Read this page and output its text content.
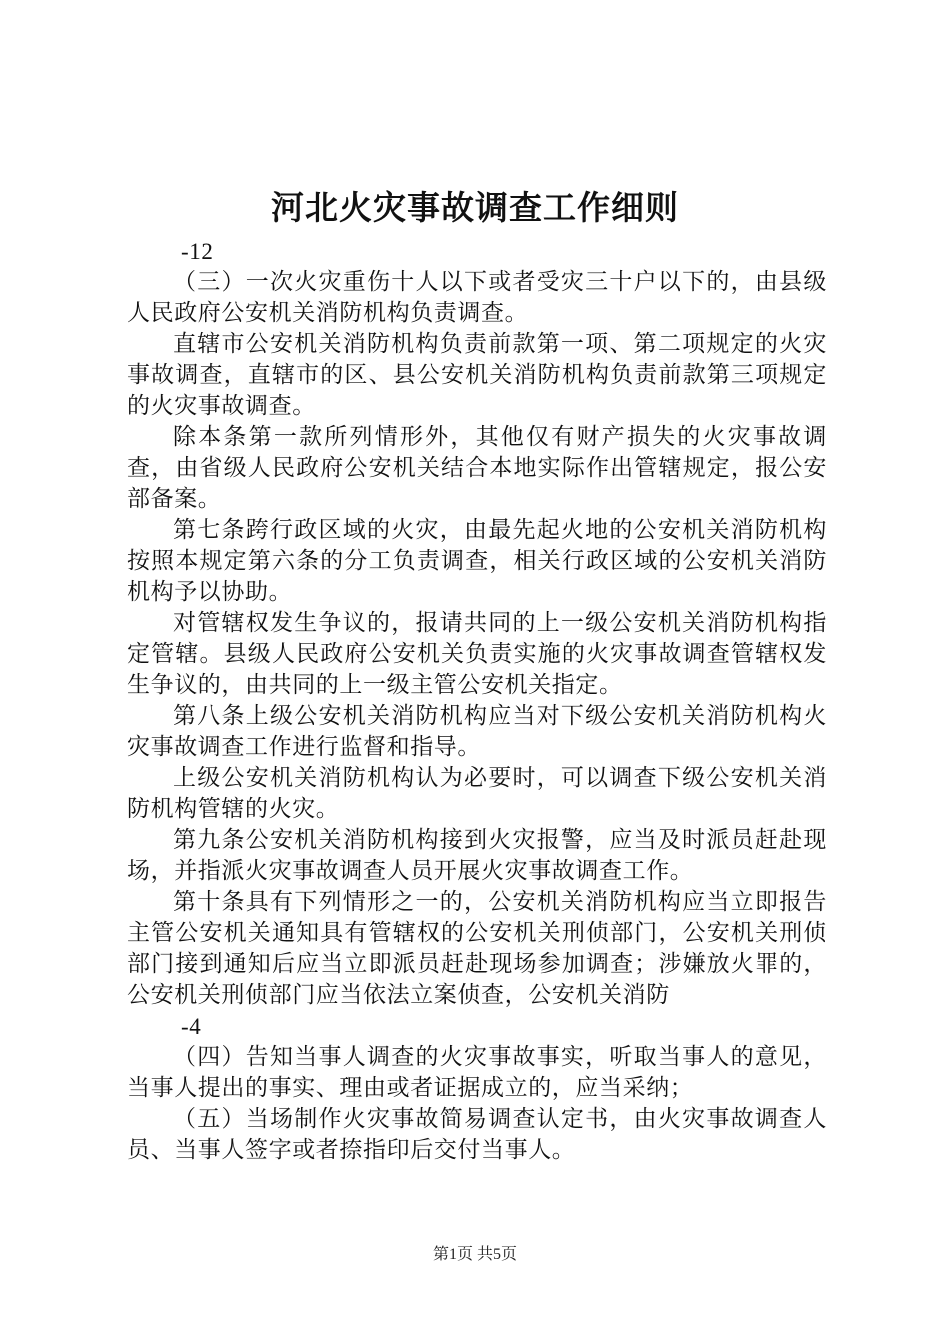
河北火灾事故调查工作细则

-12

（三）一次火灾重伤十人以下或者受灾三十户以下的，由县级人民政府公安机关消防机构负责调查。

直辖市公安机关消防机构负责前款第一项、第二项规定的火灾事故调查，直辖市的区、县公安机关消防机构负责前款第三项规定的火灾事故调查。

除本条第一款所列情形外，其他仅有财产损失的火灾事故调查，由省级人民政府公安机关结合本地实际作出管辖规定，报公安部备案。

第七条跨行政区域的火灾，由最先起火地的公安机关消防机构按照本规定第六条的分工负责调查，相关行政区域的公安机关消防机构予以协助。

对管辖权发生争议的，报请共同的上一级公安机关消防机构指定管辖。县级人民政府公安机关负责实施的火灾事故调查管辖权发生争议的，由共同的上一级主管公安机关指定。

第八条上级公安机关消防机构应当对下级公安机关消防机构火灾事故调查工作进行监督和指导。

上级公安机关消防机构认为必要时，可以调查下级公安机关消防机构管辖的火灾。

第九条公安机关消防机构接到火灾报警，应当及时派员赶赴现场，并指派火灾事故调查人员开展火灾事故调查工作。

第十条具有下列情形之一的，公安机关消防机构应当立即报告主管公安机关通知具有管辖权的公安机关刑侦部门，公安机关刑侦部门接到通知后应当立即派员赶赴现场参加调查；涉嫌放火罪的，公安机关刑侦部门应当依法立案侦查，公安机关消防

-4

（四）告知当事人调查的火灾事故事实，听取当事人的意见，当事人提出的事实、理由或者证据成立的，应当采纳；

（五）当场制作火灾事故简易调查认定书，由火灾事故调查人员、当事人签字或者捺指印后交付当事人。

第1页 共5页
